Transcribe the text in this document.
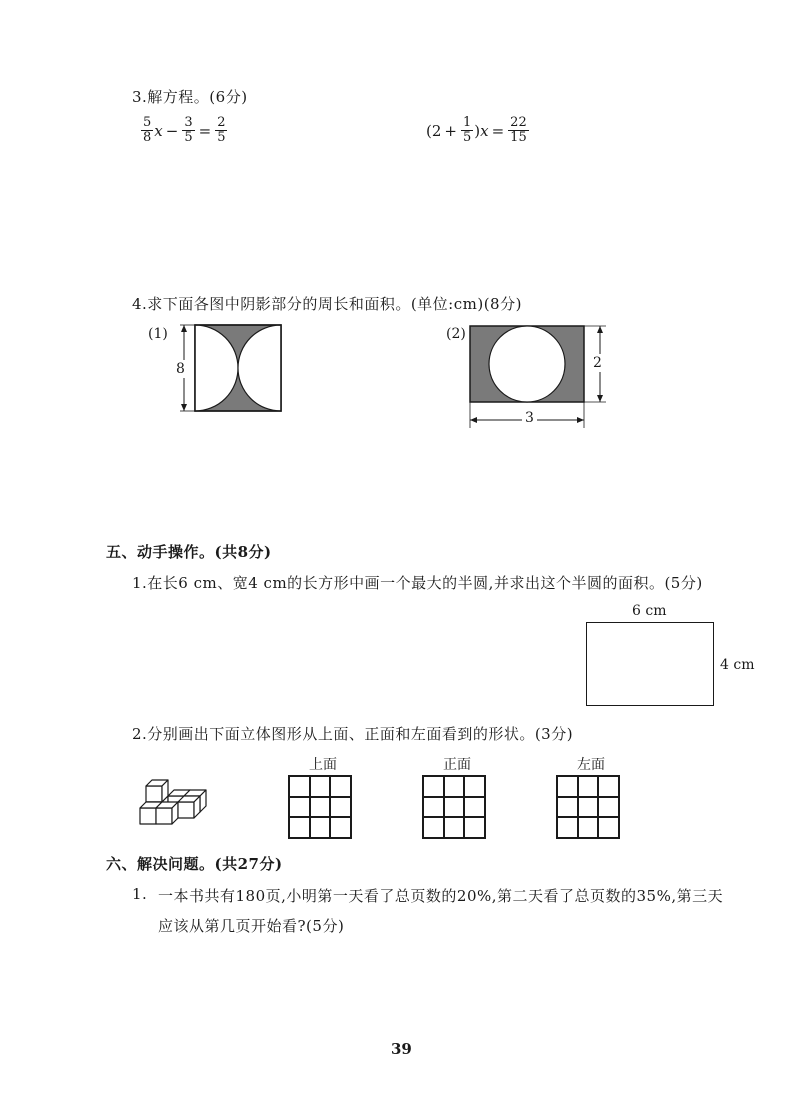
3.解方程。(6分)
$\frac{5}{8}$ $x - \frac{3}{5} = \frac{2}{5}$	($2 + \frac{1}{5}$ ) $x = \frac{22}{15}$
4.求下面各图中阴影部分的周长和面积。(单位:cm)(8分)
(1)
8
(2)
2
3
五、动手操作。(共8分)
1.在长6 cm、宽4 cm的长方形中画一个最大的半圆,并求出这个半圆的面积。(5分)
6 cm
4 cm
2.分别画出下面立体图形从上面、正面和左面看到的形状。(3分)
上面	正面	左面
六、解决问题。(共27分)
1. 一本书共有180页,小明第一天看了总页数的20%,第二天看了总页数的35%,第三天
应该从第几页开始看?(5分)
39
